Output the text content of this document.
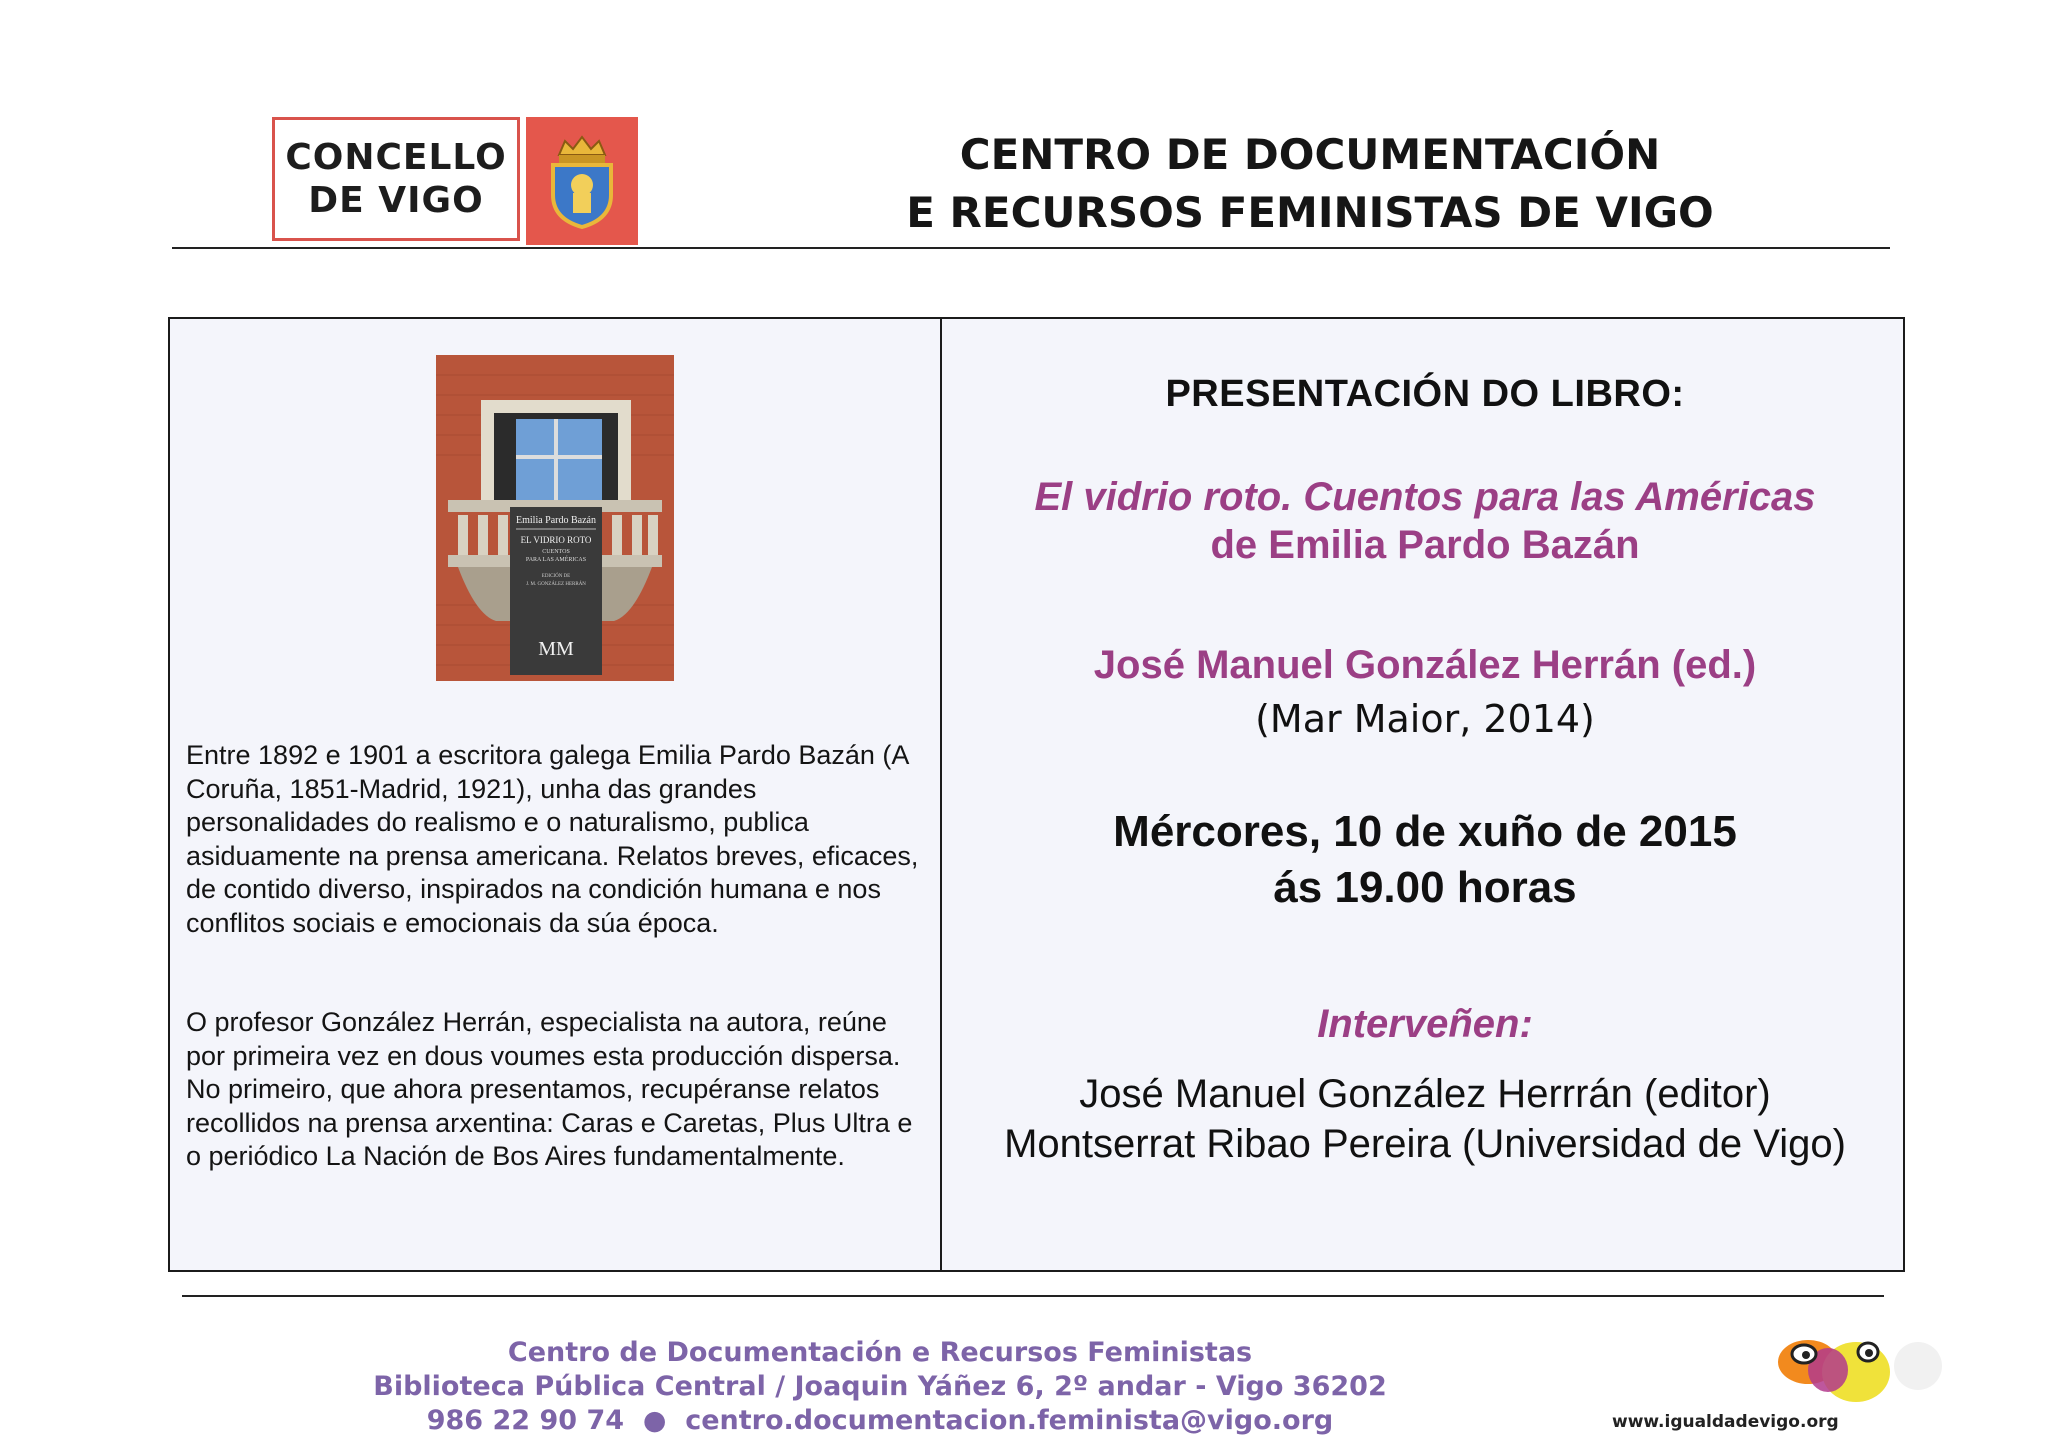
CONCELLO
DE VIGO
CENTRO DE DOCUMENTACIÓN
E RECURSOS FEMINISTAS DE VIGO
Emilia Pardo Bazán
EL VIDRIO ROTO
CUENTOS
PARA LAS AMÉRICAS
EDICIÓN DE
J. M. GONZÁLEZ HERRÁN
MM

Entre 1892 e 1901 a escritora galega Emilia Pardo Bazán (A Coruña, 1851-Madrid, 1921), unha das grandes personalidades do realismo e o naturalismo, publica asiduamente na prensa americana. Relatos breves, eficaces, de contido diverso, inspirados na condición humana e nos conflitos sociais e emocionais da súa época.

O profesor González Herrán, especialista na autora, reúne por primeira vez en dous voumes esta producción dispersa. No primeiro, que ahora presentamos, recupéranse relatos recollidos na prensa arxentina: Caras e Caretas, Plus Ultra e o periódico La Nación de Bos Aires fundamentalmente.

PRESENTACIÓN DO LIBRO:
El vidrio roto. Cuentos para las Américas
de Emilia Pardo Bazán
José Manuel González Herrán (ed.)
(Mar Maior, 2014)
Mércores, 10 de xuño de 2015
ás 19.00 horas
Interveñen:
José Manuel González Herrrán (editor)
Montserrat Ribao Pereira (Universidad de Vigo)
Centro de Documentación e Recursos Feministas
Biblioteca Pública Central / Joaquin Yáñez 6, 2º andar - Vigo 36202
986 22 90 74  ●  centro.documentacion.feminista@vigo.org	www.igualdadevigo.org
